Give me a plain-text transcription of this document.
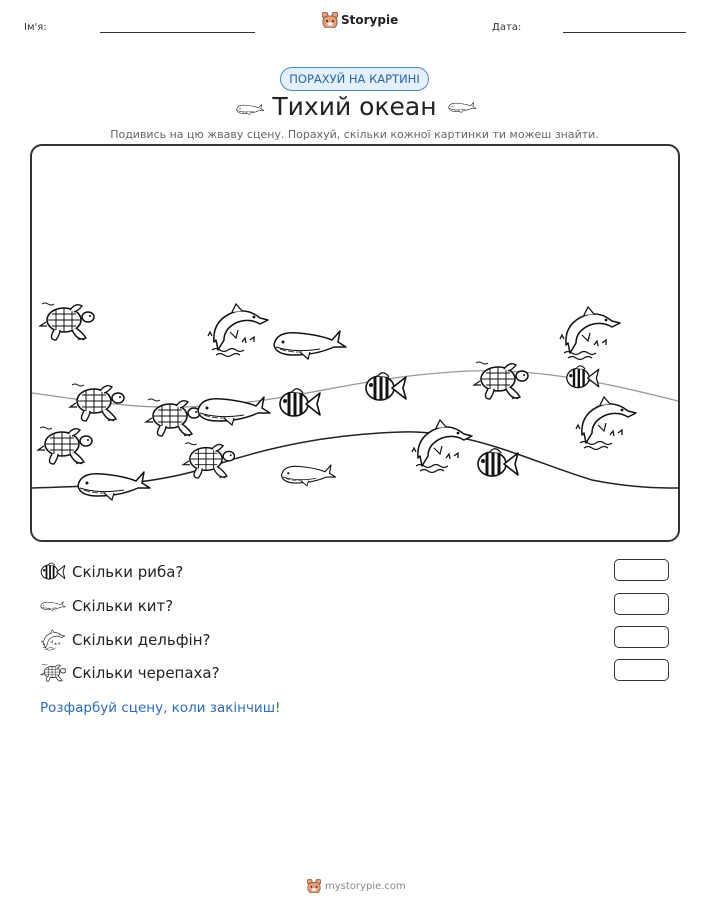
Ім'я:
Storypie
Дата:
ПОРАХУЙ НА КАРТИНІ
Тихий океан
Подивись на цю жваву сцену. Порахуй, скільки кожної картинки ти можеш знайти.
Скільки риба?
Скільки кит?
Скільки дельфін?
Скільки черепаха?
Розфарбуй сцену, коли закінчиш!
mystorypie.com
